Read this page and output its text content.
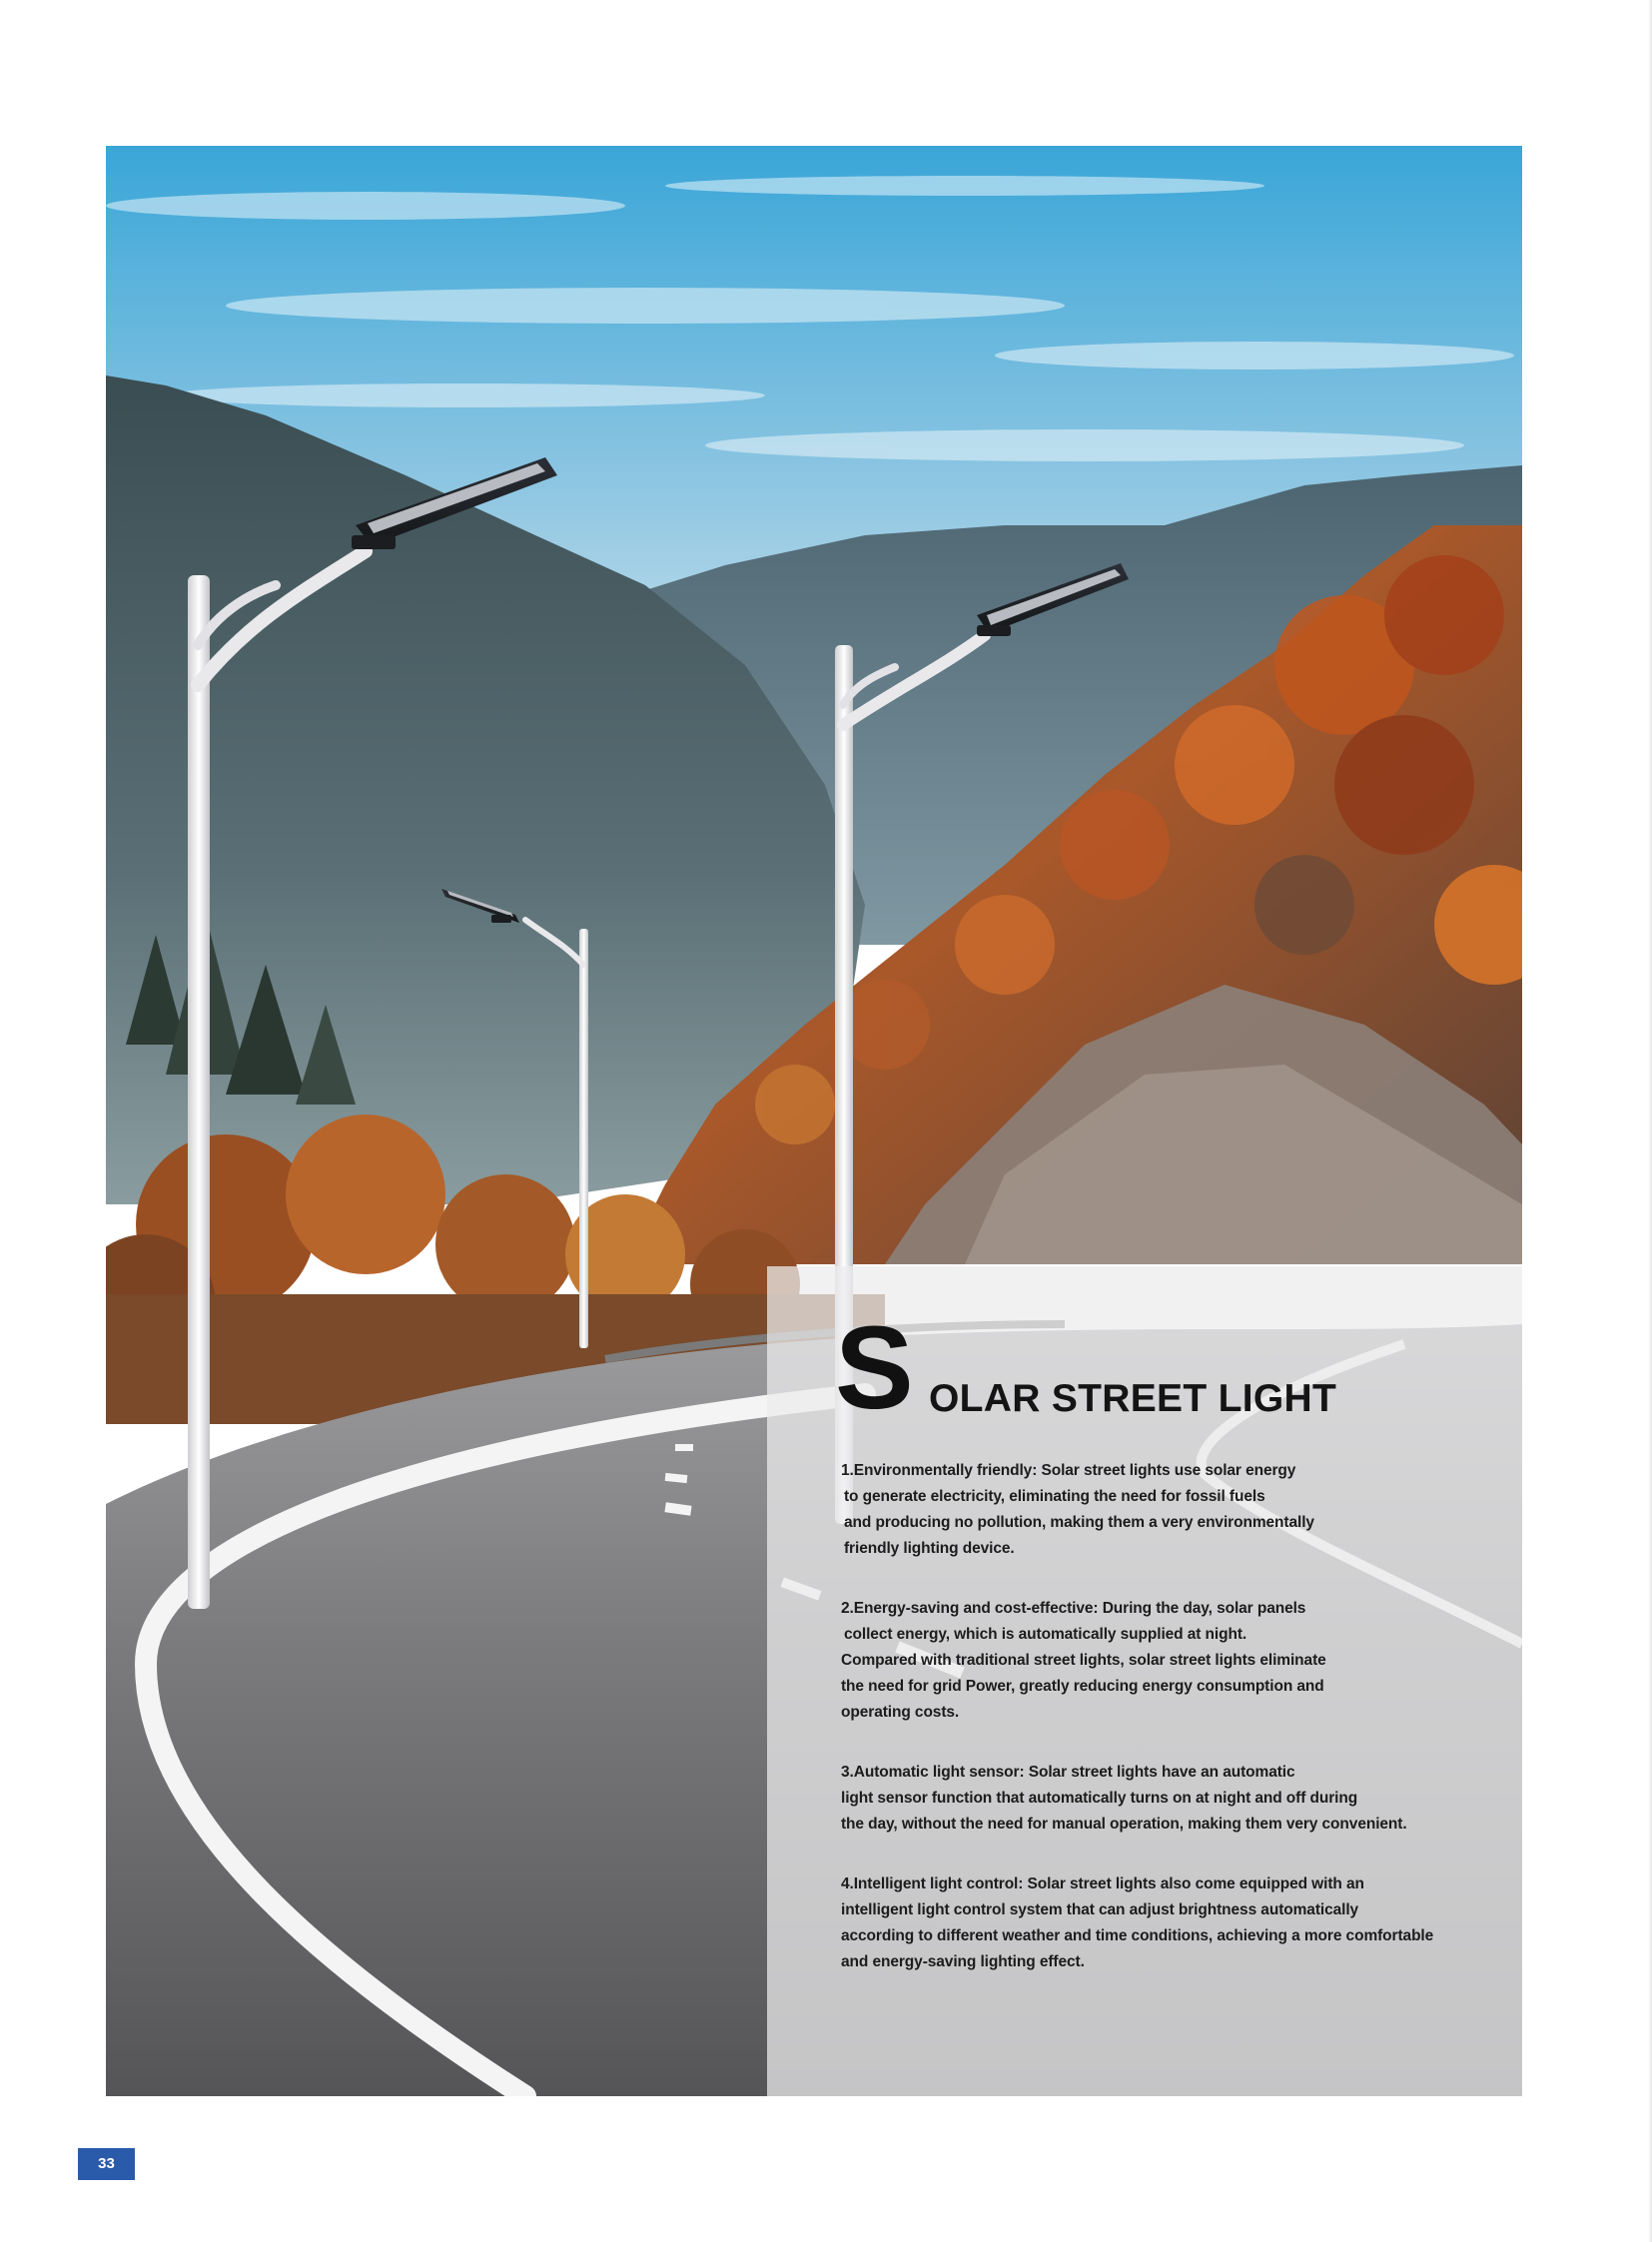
S OLAR STREET LIGHT
1.Environmentally friendly: Solar street lights use solar energy
to generate electricity, eliminating the need for fossil fuels
and producing no pollution, making them a very environmentally
friendly lighting device.
2.Energy-saving and cost-effective: During the day, solar panels
collect energy, which is automatically supplied at night.
Compared with traditional street lights, solar street lights eliminate
the need for grid Power, greatly reducing energy consumption and
operating costs.
3.Automatic light sensor: Solar street lights have an automatic
light sensor function that automatically turns on at night and off during
the day, without the need for manual operation, making them very convenient.
4.Intelligent light control: Solar street lights also come equipped with an
intelligent light control system that can adjust brightness automatically
according to different weather and time conditions, achieving a more comfortable
and energy-saving lighting effect.
33
